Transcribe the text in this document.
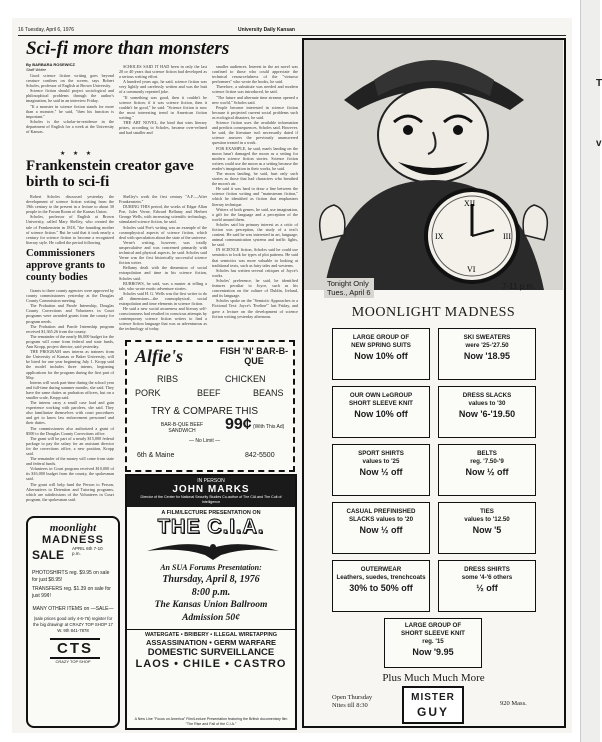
16 Tuesday, April 6, 1976	University Daily Kansan
Sci-fi more than monsters
By BARBARA ROSEWICZ
Staff Writer

Good science fiction writing goes beyond creature confines on the screen, says Robert Scholes, professor of English at Brown University.

Science fiction should project sociological and philosophical problems through the author's imagination, he said in an interview Friday.

"If a monster in science fiction stands for more than a monster," he said, "then his function is important."

Scholes is the scholar-in-residence in the department of English for a week at the University of Kansas.

SCHOLES SAID IT HAD been in only the last 20 or 40 years that science fiction had developed as a serious writing effort.

A hundred years ago, he said, science fiction was very lightly and carelessly written and was the butt of a commonly repeated joke.

"If something was good, then it couldn't be science fiction; if it was science fiction, then it couldn't be good," he said. "Science fiction is now the most interesting trend in American fiction writing."

THE ART NOVEL, the kind that wins literary prizes, according to Scholes, became over-refined and had smaller and

smaller audiences. Interest in the art novel was confined to those who could appreciate the technical resourcefulness of the "virtuoso performers" who wrote the books, he said.

Therefore, a substitute was needed and modern science fiction was introduced, he said.

"The future and alternate time streams opened a new world," Scholes said.

People become interested in science fiction because it projected current social problems such as ecological disasters, he said.

Science fiction uses the available information and predicts consequences, Scholes said. However, he said, the literature isn't necessarily dated if science answers the previously unanswered question treated in a work.

FOR EXAMPLE, he said, man's landing on the moon hasn't damaged the moon as a setting for modern science fiction stories. Science fiction writers could use the moon as a setting because the reader's imagination in their works, he said.

The moon landing, he said, hurt only such stories as those that had characters who breathed the moon's air.

He said it was hard to draw a line between the science fiction writing and "mainstream fiction," which he identified as fiction that emphasizes literary technique.

Writers of both genres, he said, use imagination, a gift for the language and a perception of the world around them.

Scholes said his primary interest as a critic of fiction was perception, the study of a text's content. He said he was interested in art, language, animal communication systems and traffic lights, he said.

IN SCIENCE fiction, Scholes said he could use semiotics to look for types of plot patterns. He said that semiotics was more valuable in looking at traditional texts, such as fairy tales and westerns.

Scholes has written several critiques of Joyce's works.

Scholes' preference, he said, he identified features peculiar to Joyce, such as his concentration on the culture of Dublin, Ireland, and its language.

Scholes spoke on the "Semiotic Approaches to a Fictional Text: Joyce's 'Eveline'" last Friday, and gave a lecture on the development of science fiction writing yesterday afternoon.

★ ★ ★
Frankenstein creator gave birth to sci-fi

Robert Scholes discussed yesterday the development of science fiction writing from the 19th century to the present in a lecture to about 30 people in the Forum Room of the Kansas Union.

Scholes, professor of English at Brown University, called Mary Shelley, who created the tale of Frankenstein in 1818, "the founding mother of science fiction." But he said that it took nearly a century for science fiction to become a recognized literary style. He called the period following

Shelley's work the first century "A.F.—After Frankenstein."

DURING THIS period, the works of Edgar Allan Poe, Jules Verne, Edward Bellamy and Herbert George Wells, with increasing scientific technology, stimulated science fiction, he said.

Scholes said Poe's writing was an example of the cosmophysical aspects of science fiction, which deal with speculation about the state of the universe.

Verne's writing, however, was totally unspeculative and was concerned primarily with technical and physical aspects, he said. Scholes said Verne was the first historically successful science fiction writer.

Bellamy dealt with the dimension of social extrapolation and time in his science fiction, Scholes said.

BURROWS, he said, was a master at telling a tale, who wrote exotic adventure stories.

Scholes said H. G. Wells was the first writer to do all dimensions—the cosmophysical, social extrapolation and time elements in science fiction.

He said a new social awareness and literary self-consciousness had resulted in conscious attempts by contemporary science fiction writers to find a science fiction language that was as adventurous as the technology of today.

Commissioners approve grants to county bodies

Grants to three county agencies were approved by county commissioners yesterday at the Douglas County Commission meeting.

The Probation and Parole Internship, Douglas County Corrections and Volunteers in Court programs were awarded grants from the county for program needs.

The Probation and Parole Internship program received $1,365.26 from the county.

The remainder of the nearly $6,000 budget for the program will come from federal and state funds, Ann Kropp, project director, said yesterday.

THE PROGRAM uses interns as trainees from the University of Kansas or Baker University, will be hired for one year beginning July 1. Kropp said the model includes three interns, beginning applications for the program during the first part of May.

Interns will work part-time during the school year and full-time during summer months, she said. They have the same duties as probation officers, but on a smaller scale, Kropp said.

The interns carry a small case load and gain experience working with parolees, she said. They also familiarize themselves with court procedures and get to know law enforcement personnel and their duties.

The commissioners also authorized a grant of $500 to the Douglas County Corrections office.

The grant will be part of a nearly $15,000 federal package to pay the salary for an assistant director for the corrections office, a new position, Kropp said.

The remainder of the money will come from state and federal funds.

Volunteers in Court program received $10,000 of its $16,000 budget from the county, the spokesman said.

The grant will help fund the Person to Person, Alternatives to Detention and Tutoring programs, which are subdivisions of the Volunteers in Court program, the spokesman said.

moonlight
MADNESS
SALE APRIL 6th 7-10 p.m.
PHOTOSHIRTS reg. $9.95 on sale for just $8.95!
TRANSFERS reg. $1.39 on sale for just 99¢!
MANY OTHER ITEMS on —SALE—
(sale prices good only 4-6-76) register for the big drawing! at CRAZY TOP SHOP 17 W. 9th 841-7878
CTS
CRAZY TOP SHOP
Alfie's	FISH 'N' BAR-B-QUE
RIBS	CHICKEN
PORK	BEEF	BEANS
TRY & COMPARE THIS
BAR-B-QUE BEEF SANDWICH	99¢ (With This Ad)
— No Limit —
6th & Maine	842-5500
IN PERSON
JOHN MARKS
Director of the Center for National Security Studies Co-author of The CIA and The Cult of Intelligence
A FILM/LECTURE PRESENTATION ON
THE C.I.A.
An SUA Forums Presentation:
Thursday, April 8, 1976
8:00 p.m.
The Kansas Union Ballroom
Admission 50¢
WATERGATE • BRIBERY • ILLEGAL WIRETAPPING
ASSASSINATION • GERM WARFARE
DOMESTIC SURVEILLANCE
LAOS • CHILE • CASTRO
A New Line "Focus on America" Film/Lecture Presentation featuring the British documentary film "The Rise and Fall of the C.I.A."
XII
III
VI
IX
Tonight Only
Tues., April 6
7-11 p.m.
MOONLIGHT MADNESS
LARGE GROUP OF
NEW SPRING SUITS
Now 10% off
SKI SWEATERS
were '25-'27.50
Now '18.95
OUR OWN LeGROUP
SHORT SLEEVE KNIT
Now 10% off
DRESS SLACKS
values to '30
Now '6-'19.50
SPORT SHIRTS
values to '25
Now ½ off
BELTS
reg. '7.50-'9
Now ½ off
CASUAL PREFINISHED
SLACKS values to '20
Now ½ off
TIES
values to '12.50
Now '5
OUTERWEAR
Leathers, suedes, trenchcoats
30% to 50% off
DRESS SHIRTS
some '4-'6 others
½ off
LARGE GROUP OF
SHORT SLEEVE KNIT
reg. '15
Now '9.95
Plus Much Much More
Open Thursday
Nites till 8:30
MISTER
GUY
920 Mass.
T
v
